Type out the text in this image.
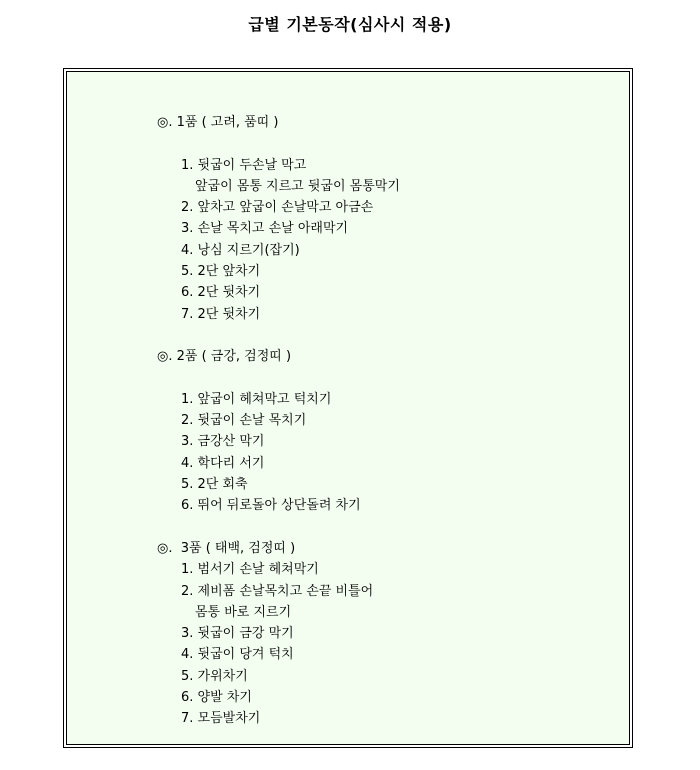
급별 기본동작(심사시 적용)
◎. 1품 ( 고려, 품띠 )
1. 뒷굽이 두손날 막고
앞굽이 몸통 지르고 뒷굽이 몸통막기
2. 앞차고 앞굽이 손날막고 아금손
3. 손날 목치고 손날 아래막기
4. 낭심 지르기(잡기)
5. 2단 앞차기
6. 2단 뒷차기
7. 2단 뒷차기
◎. 2품 ( 금강, 검정띠 )
1. 앞굽이 헤쳐막고 턱치기
2. 뒷굽이 손날 목치기
3. 금강산 막기
4. 학다리 서기
5. 2단 회축
6. 뛰어 뒤로돌아 상단돌려 차기
◎.  3품 ( 태백, 검정띠 )
1. 범서기 손날 헤쳐막기
2. 제비폼 손날목치고 손끝 비틀어
몸통 바로 지르기
3. 뒷굽이 금강 막기
4. 뒷굽이 당겨 턱치
5. 가위차기
6. 양발 차기
7. 모듬발차기
